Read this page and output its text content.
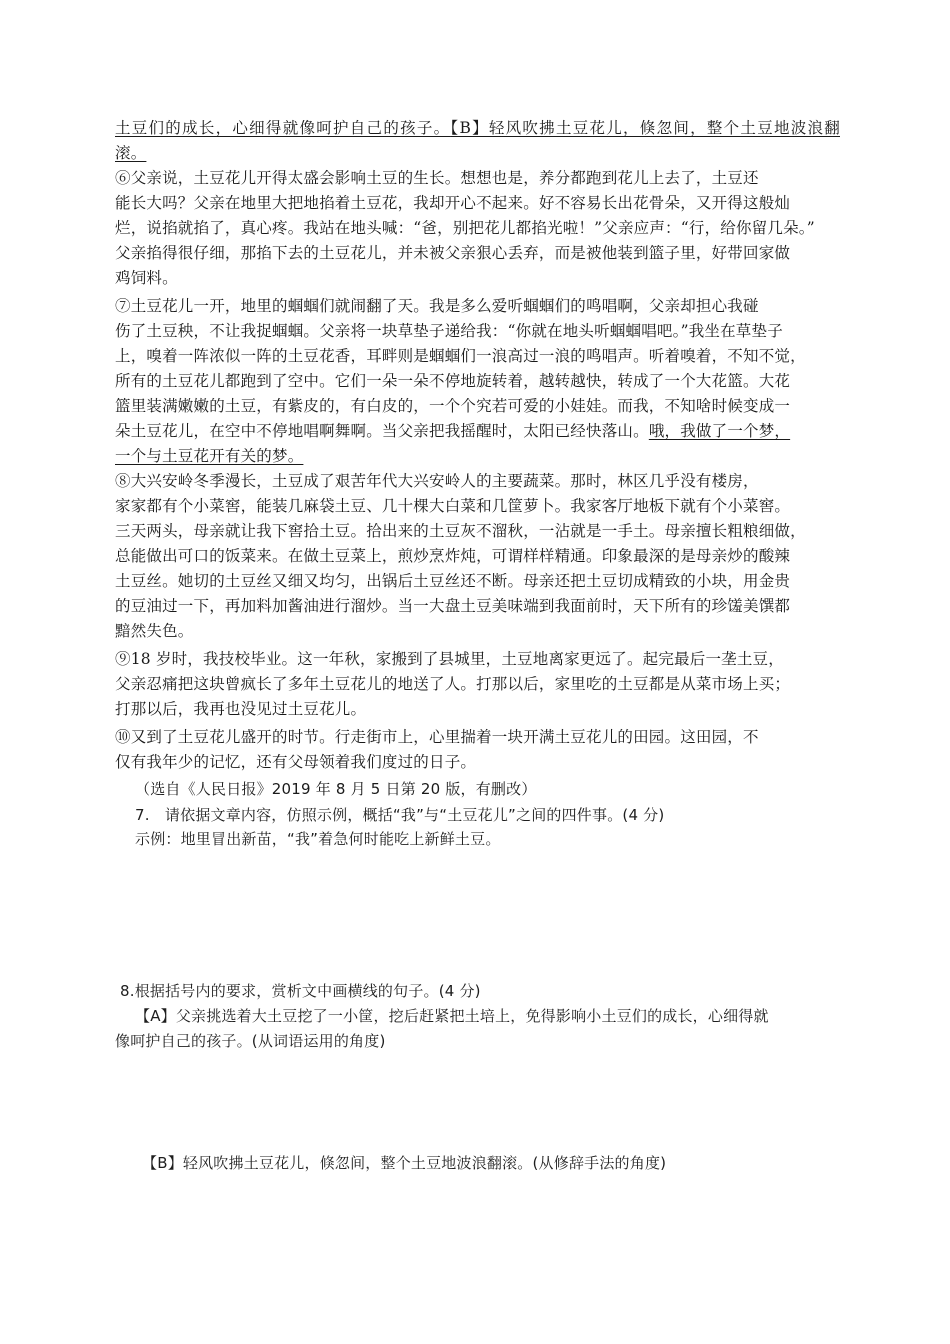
土豆们的成长，心细得就像呵护自己的孩子。【B】轻风吹拂土豆花儿，倏忽间，整个土豆地波浪翻
滚。
⑥父亲说，土豆花儿开得太盛会影响土豆的生长。想想也是，养分都跑到花儿上去了，土豆还
能长大吗？父亲在地里大把地掐着土豆花，我却开心不起来。好不容易长出花骨朵，又开得这般灿
烂，说掐就掐了，真心疼。我站在地头喊：“爸，别把花儿都掐光啦！”父亲应声：“行，给你留几朵。”
父亲掐得很仔细，那掐下去的土豆花儿，并未被父亲狠心丢弃，而是被他装到篮子里，好带回家做
鸡饲料。
⑦土豆花儿一开，地里的蝈蝈们就闹翻了天。我是多么爱听蝈蝈们的鸣唱啊，父亲却担心我碰
伤了土豆秧，不让我捉蝈蝈。父亲将一块草垫子递给我：“你就在地头听蝈蝈唱吧。”我坐在草垫子
上，嗅着一阵浓似一阵的土豆花香，耳畔则是蝈蝈们一浪高过一浪的鸣唱声。听着嗅着，不知不觉，
所有的土豆花儿都跑到了空中。它们一朵一朵不停地旋转着，越转越快，转成了一个大花篮。大花
篮里装满嫩嫩的土豆，有紫皮的，有白皮的，一个个究若可爱的小娃娃。而我，不知啥时候变成一
朵土豆花儿，在空中不停地唱啊舞啊。当父亲把我摇醒时，太阳已经快落山。哦，我做了一个梦，
一个与土豆花开有关的梦。
⑧大兴安岭冬季漫长，土豆成了艰苦年代大兴安岭人的主要蔬菜。那时，林区几乎没有楼房，
家家都有个小菜窖，能装几麻袋土豆、几十棵大白菜和几筐萝卜。我家客厅地板下就有个小菜窖。
三天两头，母亲就让我下窖拾土豆。拾出来的土豆灰不溜秋，一沾就是一手土。母亲擅长粗粮细做，
总能做出可口的饭菜来。在做土豆菜上，煎炒烹炸炖，可谓样样精通。印象最深的是母亲炒的酸辣
土豆丝。她切的土豆丝又细又均匀，出锅后土豆丝还不断。母亲还把土豆切成精致的小块，用金贵
的豆油过一下，再加料加酱油进行溜炒。当一大盘土豆美味端到我面前时，天下所有的珍馐美馔都
黯然失色。
⑨18 岁时，我技校毕业。这一年秋，家搬到了县城里，土豆地离家更远了。起完最后一垄土豆，
父亲忍痛把这块曾疯长了多年土豆花儿的地送了人。打那以后，家里吃的土豆都是从菜市场上买；
打那以后，我再也没见过土豆花儿。
⑩又到了土豆花儿盛开的时节。行走街市上，心里揣着一块开满土豆花儿的田园。这田园，不
仅有我年少的记忆，还有父母领着我们度过的日子。
（选自《人民日报》2019 年 8 月 5 日第 20 版，有删改）
7.　请依据文章内容，仿照示例，概括“我”与“土豆花儿”之间的四件事。(4 分)
示例：地里冒出新苗，“我”着急何时能吃上新鲜土豆。
8.根据括号内的要求，赏析文中画横线的句子。(4 分)
【A】父亲挑选着大土豆挖了一小筐，挖后赶紧把土培上，免得影响小土豆们的成长，心细得就
像呵护自己的孩子。(从词语运用的角度)
【B】轻风吹拂土豆花儿，倏忽间，整个土豆地波浪翻滚。(从修辞手法的角度)
